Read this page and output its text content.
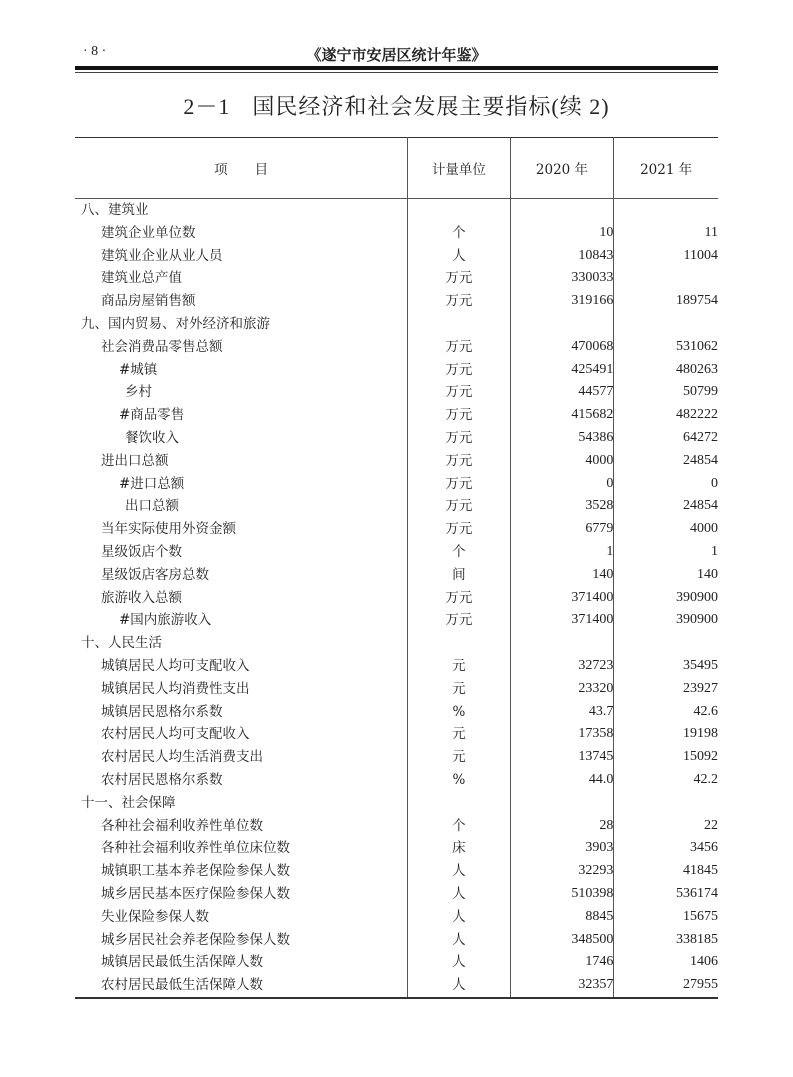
· 8 ·	《遂宁市安居区统计年鉴》
2－1 国民经济和社会发展主要指标(续 2)
项　　目	计量单位	2020 年	2021 年
八、建筑业			
建筑企业单位数	个	10	11
建筑业企业从业人员	人	10843	11004
建筑业总产值	万元	330033	
商品房屋销售额	万元	319166	189754
九、国内贸易、对外经济和旅游			
社会消费品零售总额	万元	470068	531062
#城镇	万元	425491	480263
乡村	万元	44577	50799
#商品零售	万元	415682	482222
餐饮收入	万元	54386	64272
进出口总额	万元	4000	24854
#进口总额	万元	0	0
出口总额	万元	3528	24854
当年实际使用外资金额	万元	6779	4000
星级饭店个数	个	1	1
星级饭店客房总数	间	140	140
旅游收入总额	万元	371400	390900
#国内旅游收入	万元	371400	390900
十、人民生活			
城镇居民人均可支配收入	元	32723	35495
城镇居民人均消费性支出	元	23320	23927
城镇居民恩格尔系数	%	43.7	42.6
农村居民人均可支配收入	元	17358	19198
农村居民人均生活消费支出	元	13745	15092
农村居民恩格尔系数	%	44.0	42.2
十一、社会保障			
各种社会福利收养性单位数	个	28	22
各种社会福利收养性单位床位数	床	3903	3456
城镇职工基本养老保险参保人数	人	32293	41845
城乡居民基本医疗保险参保人数	人	510398	536174
失业保险参保人数	人	8845	15675
城乡居民社会养老保险参保人数	人	348500	338185
城镇居民最低生活保障人数	人	1746	1406
农村居民最低生活保障人数	人	32357	27955
